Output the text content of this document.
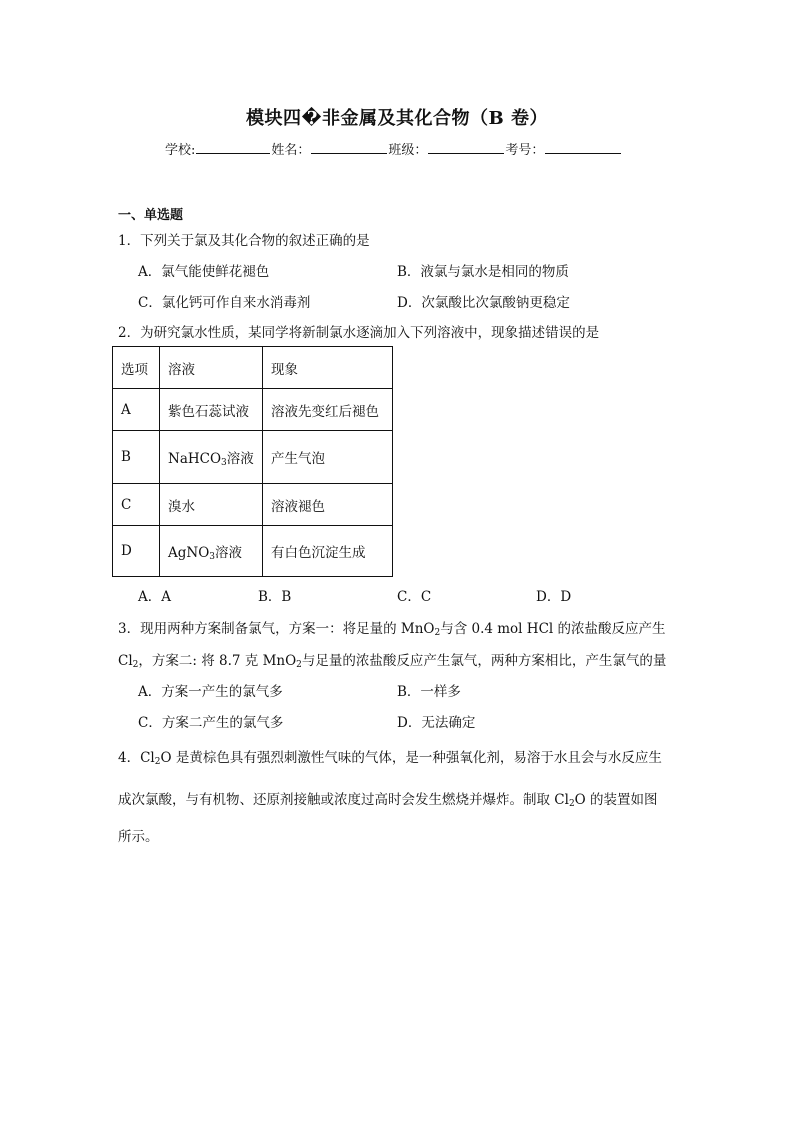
模块四�非金属及其化合物（B 卷）
学校:	姓名：	班级：	考号：
一、单选题
1．下列关于氯及其化合物的叙述正确的是
A．氯气能使鲜花褪色	B．液氯与氯水是相同的物质
C．氯化钙可作自来水消毒剂	D．次氯酸比次氯酸钠更稳定
2．为研究氯水性质，某同学将新制氯水逐滴加入下列溶液中，现象描述错误的是
选项	溶液	现象
A	紫色石蕊试液	溶液先变红后褪色
B	NaHCO$_3$溶液	产生气泡
C	溴水	溶液褪色
D	AgNO$_3$溶液	有白色沉淀生成
A．A	B．B	C．C	D．D
3．现用两种方案制备氯气，方案一：将足量的 MnO$_2$与含 0.4 mol HCl 的浓盐酸反应产生
$Cl_2$，方案二: 将 8.7 克 MnO$_2$与足量的浓盐酸反应产生氯气，两种方案相比，产生氯气的量
A．方案一产生的氯气多	B．一样多
C．方案二产生的氯气多	D．无法确定
4．$Cl_2O$ 是黄棕色具有强烈刺激性气味的气体，是一种强氧化剂，易溶于水且会与水反应生
成次氯酸，与有机物、还原剂接触或浓度过高时会发生燃烧并爆炸。制取 $Cl_2O$ 的装置如图
所示。
